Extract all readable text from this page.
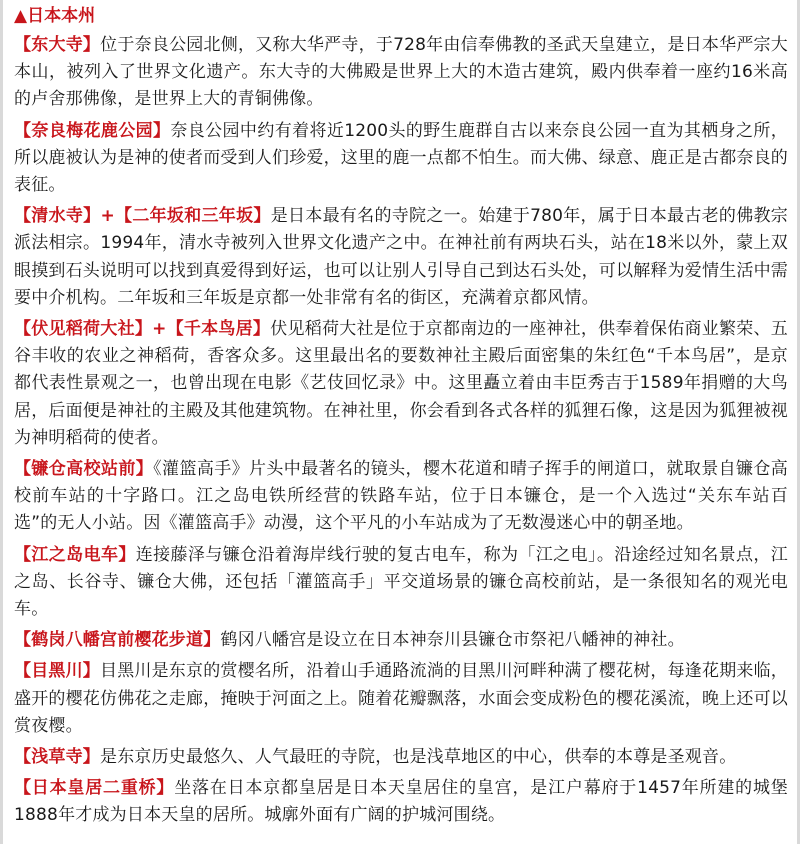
▲日本本州

【东大寺】位于奈良公园北侧，又称大华严寺，于728年由信奉佛教的圣武天皇建立，是日本华严宗大本山，被列入了世界文化遗产。东大寺的大佛殿是世界上大的木造古建筑，殿内供奉着一座约16米高的卢舍那佛像，是世界上大的青铜佛像。

【奈良梅花鹿公园】奈良公园中约有着将近1200头的野生鹿群自古以来奈良公园一直为其栖身之所，所以鹿被认为是神的使者而受到人们珍爱，这里的鹿一点都不怕生。而大佛、绿意、鹿正是古都奈良的表征。

【清水寺】+【二年坂和三年坂】是日本最有名的寺院之一。始建于780年，属于日本最古老的佛教宗派法相宗。1994年，清水寺被列入世界文化遗产之中。在神社前有两块石头，站在18米以外，蒙上双眼摸到石头说明可以找到真爱得到好运，也可以让别人引导自己到达石头处，可以解释为爱情生活中需要中介机构。二年坂和三年坂是京都一处非常有名的街区，充满着京都风情。

【伏见稻荷大社】+【千本鸟居】伏见稻荷大社是位于京都南边的一座神社，供奉着保佑商业繁荣、五谷丰收的农业之神稻荷，香客众多。这里最出名的要数神社主殿后面密集的朱红色“千本鸟居”，是京都代表性景观之一，也曾出现在电影《艺伎回忆录》中。这里矗立着由丰臣秀吉于1589年捐赠的大鸟居，后面便是神社的主殿及其他建筑物。在神社里，你会看到各式各样的狐狸石像，这是因为狐狸被视为神明稻荷的使者。

【镰仓高校站前】《灌篮高手》片头中最著名的镜头，樱木花道和晴子挥手的闸道口，就取景自镰仓高校前车站的十字路口。江之岛电铁所经营的铁路车站，位于日本镰仓，是一个入选过“关东车站百选”的无人小站。因《灌篮高手》动漫，这个平凡的小车站成为了无数漫迷心中的朝圣地。

【江之岛电车】连接藤泽与镰仓沿着海岸线行驶的复古电车，称为「江之电」。沿途经过知名景点，江之岛、长谷寺、镰仓大佛，还包括「灌篮高手」平交道场景的镰仓高校前站，是一条很知名的观光电车。

【鹤岗八幡宫前樱花步道】鹤冈八幡宫是设立在日本神奈川县镰仓市祭祀八幡神的神社。

【目黑川】目黑川是东京的赏樱名所，沿着山手通路流淌的目黑川河畔种满了樱花树，每逢花期来临，盛开的樱花仿佛花之走廊，掩映于河面之上。随着花瓣飘落，水面会变成粉色的樱花溪流，晚上还可以赏夜樱。

【浅草寺】是东京历史最悠久、人气最旺的寺院，也是浅草地区的中心，供奉的本尊是圣观音。

【日本皇居二重桥】坐落在日本京都皇居是日本天皇居住的皇宫，是江户幕府于1457年所建的城堡1888年才成为日本天皇的居所。城廓外面有广阔的护城河围绕。
